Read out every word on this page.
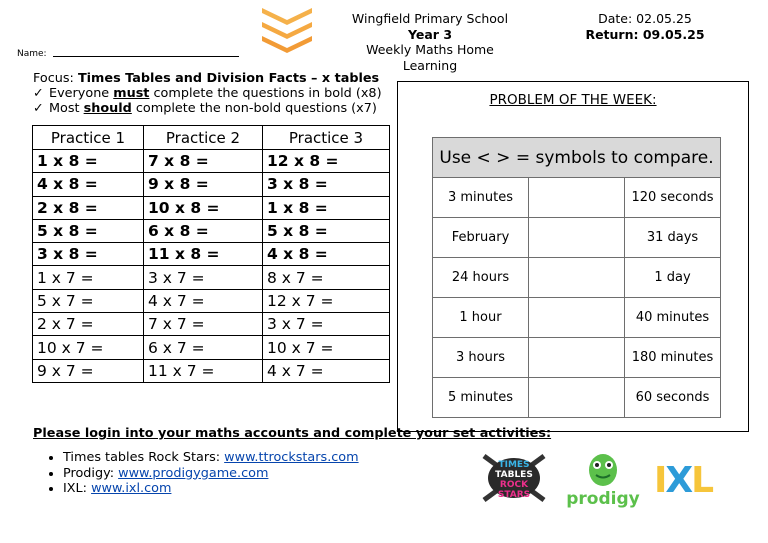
Wingfield Primary School
Year 3
Weekly Maths Home
Learning
Date: 02.05.25
Return: 09.05.25
Name:
Focus: Times Tables and Division Facts – x tables
✓ Everyone must complete the questions in bold (x8)
✓ Most should complete the non-bold questions (x7)
Practice 1	Practice 2	Practice 3
1 x 8 =	7 x 8 =	12 x 8 =
4 x 8 =	9 x 8 =	3 x 8 =
2 x 8 =	10 x 8 =	1 x 8 =
5 x 8 =	6 x 8 =	5 x 8 =
3 x 8 =	11 x 8 =	4 x 8 =
1 x 7 =	3 x 7 =	8 x 7 =
5 x 7 =	4 x 7 =	12 x 7 =
2 x 7 =	7 x 7 =	3 x 7 =
10 x 7 =	6 x 7 =	10 x 7 =
9 x 7 =	11 x 7 =	4 x 7 =
PROBLEM OF THE WEEK:
Use < > = symbols to compare.		
3 minutes		120 seconds
February		31 days
24 hours		1 day
1 hour		40 minutes
3 hours		180 minutes
5 minutes		60 seconds
Please login into your maths accounts and complete your set activities:
• Times tables Rock Stars: www.ttrockstars.com
• Prodigy: www.prodigygame.com
• IXL: www.ixl.com
TIMES
TABLES
ROCK
STARS prodigy IXL
